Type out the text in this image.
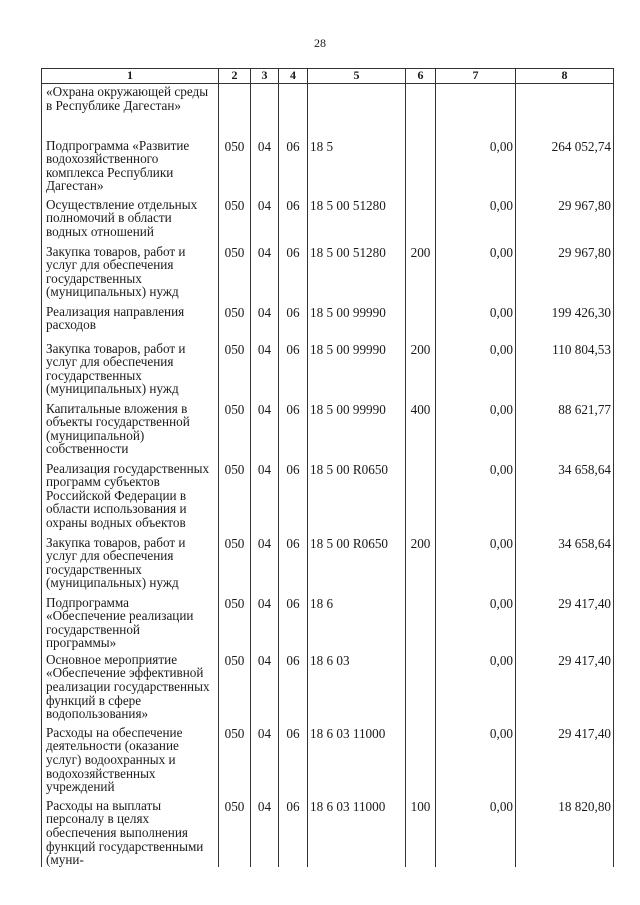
28
1	2	3	4	5	6	7	8
«Охрана окружающей среды в Республике Дагестан»							
Подпрограмма «Развитие водохозяйственного комплекса Республики Дагестан»	050	04	06	18 5		0,00	264 052,74
Осуществление отдельных полномочий в области водных отношений	050	04	06	18 5 00 51280		0,00	29 967,80
Закупка товаров, работ и услуг для обеспечения государственных (муниципальных) нужд	050	04	06	18 5 00 51280	200	0,00	29 967,80
Реализация направления расходов	050	04	06	18 5 00 99990		0,00	199 426,30
Закупка товаров, работ и услуг для обеспечения государственных (муниципальных) нужд	050	04	06	18 5 00 99990	200	0,00	110 804,53
Капитальные вложения в объекты государственной (муниципальной) собственности	050	04	06	18 5 00 99990	400	0,00	88 621,77
Реализация государственных программ субъектов Российской Федерации в области использования и охраны водных объектов	050	04	06	18 5 00 R0650		0,00	34 658,64
Закупка товаров, работ и услуг для обеспечения государственных (муниципальных) нужд	050	04	06	18 5 00 R0650	200	0,00	34 658,64
Подпрограмма «Обеспечение реализации государственной программы»	050	04	06	18 6		0,00	29 417,40
Основное мероприятие «Обеспечение эффективной реализации государственных функций в сфере водопользования»	050	04	06	18 6 03		0,00	29 417,40
Расходы на обеспечение деятельности (оказание услуг) водоохранных и водохозяйственных учреждений	050	04	06	18 6 03 11000		0,00	29 417,40
Расходы на выплаты персоналу в целях обеспечения выполнения функций государственными (муни-	050	04	06	18 6 03 11000	100	0,00	18 820,80
